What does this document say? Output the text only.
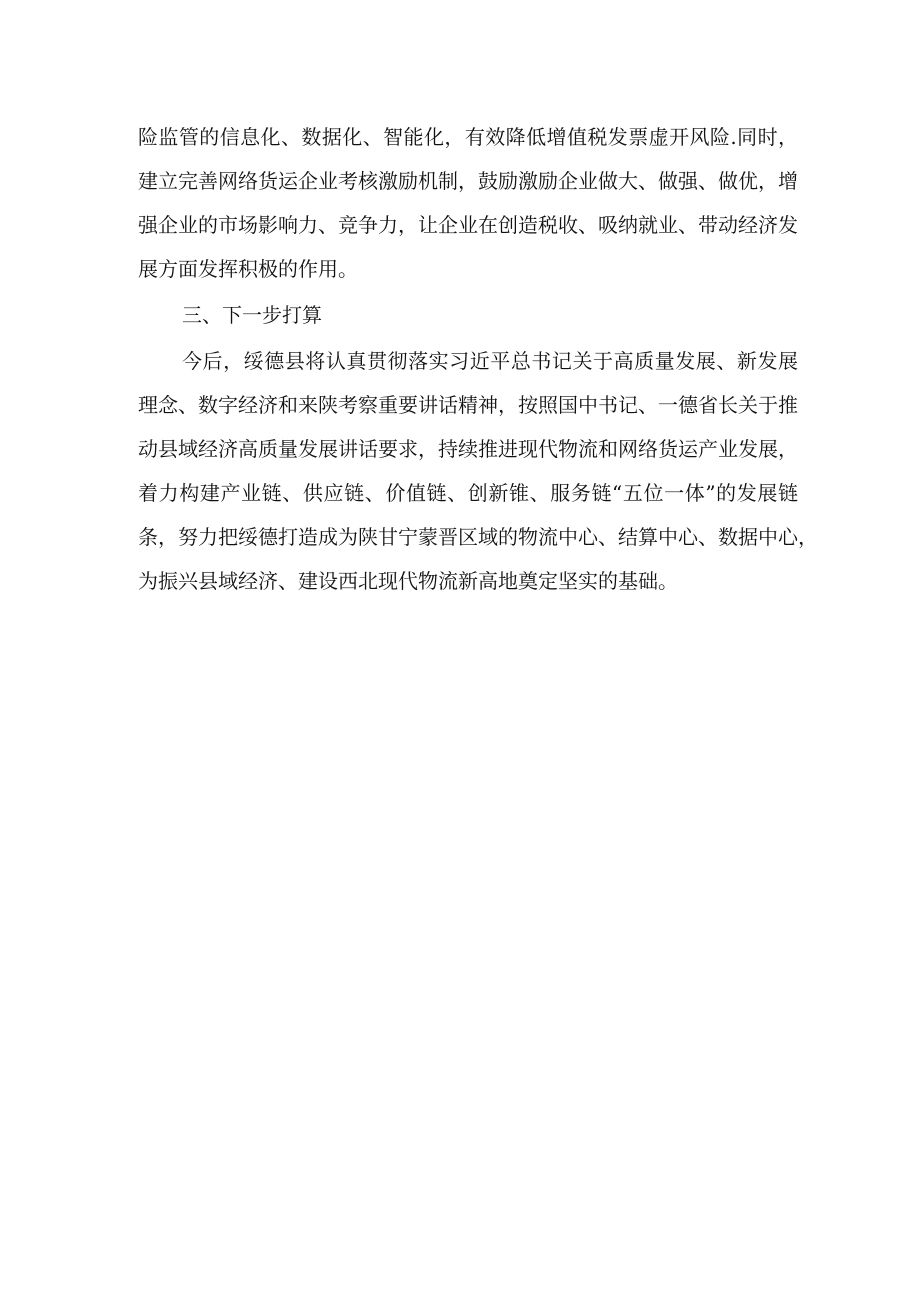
险监管的信息化、数据化、智能化，有效降低增值税发票虚开风险.同时，
建立完善网络货运企业考核激励机制，鼓励激励企业做大、做强、做优，增
强企业的市场影响力、竞争力，让企业在创造税收、吸纳就业、带动经济发
展方面发挥积极的作用。
三、下一步打算
今后，绥德县将认真贯彻落实习近平总书记关于高质量发展、新发展
理念、数字经济和来陕考察重要讲话精神，按照国中书记、一德省长关于推
动县域经济高质量发展讲话要求，持续推进现代物流和网络货运产业发展，
着力构建产业链、供应链、价值链、创新锥、服务链“五位一体”的发展链
条，努力把绥德打造成为陕甘宁蒙晋区域的物流中心、结算中心、数据中心，
为振兴县域经济、建设西北现代物流新高地奠定坚实的基础。
